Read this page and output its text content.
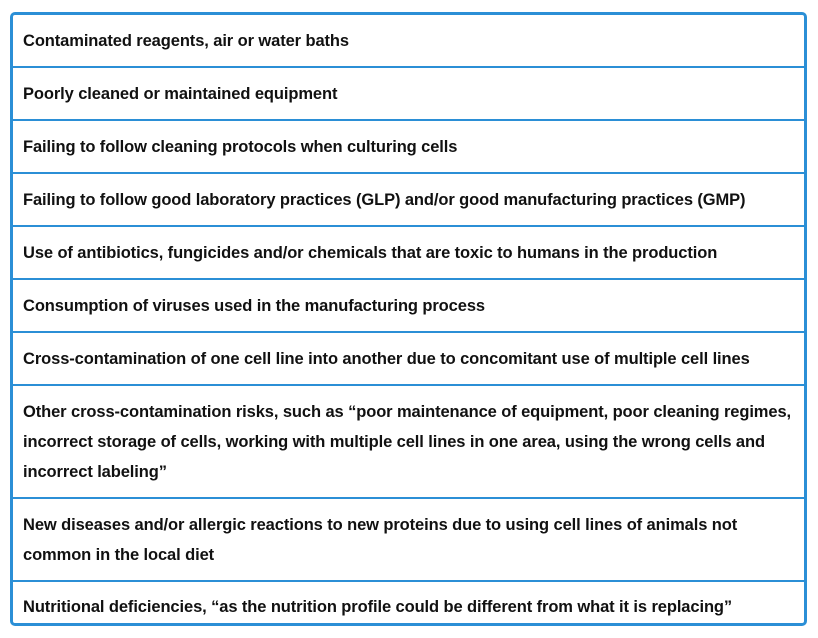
Contaminated reagents, air or water baths
Poorly cleaned or maintained equipment
Failing to follow cleaning protocols when culturing cells
Failing to follow good laboratory practices (GLP) and/or good manufacturing practices (GMP)
Use of antibiotics, fungicides and/or chemicals that are toxic to humans in the production
Consumption of viruses used in the manufacturing process
Cross-contamination of one cell line into another due to concomitant use of multiple cell lines
Other cross-contamination risks, such as “poor maintenance of equipment, poor cleaning regimes, incorrect storage of cells, working with multiple cell lines in one area, using the wrong cells and incorrect labeling”
New diseases and/or allergic reactions to new proteins due to using cell lines of animals not common in the local diet
Nutritional deficiencies, “as the nutrition profile could be different from what it is replacing”
